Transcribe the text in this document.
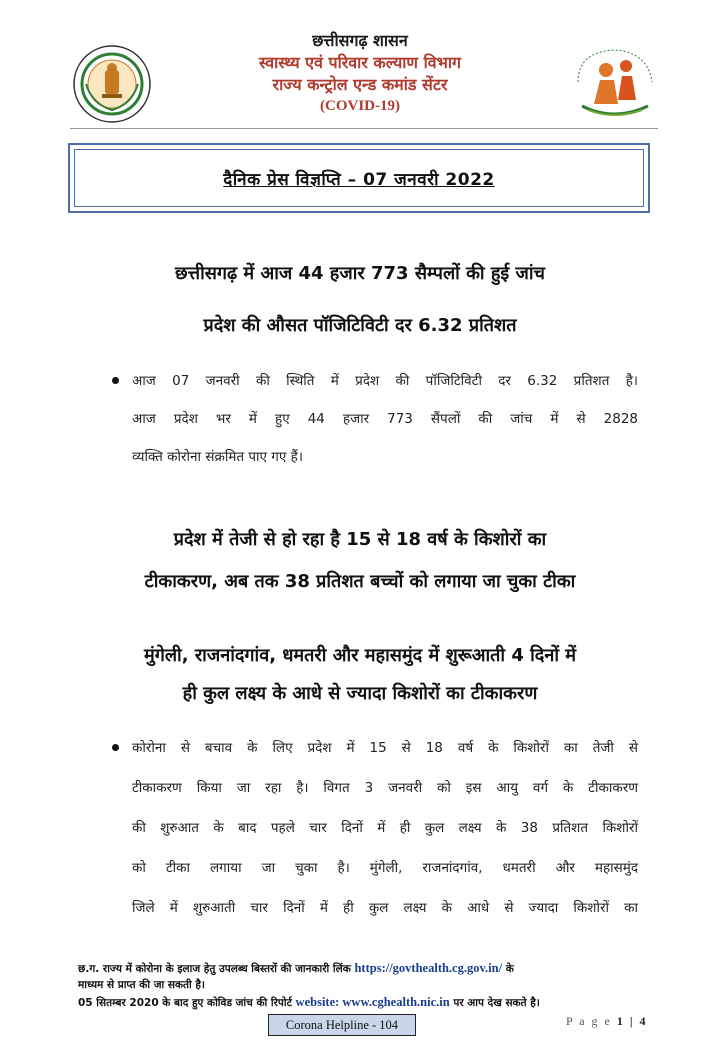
छत्तीसगढ़ शासन
स्वास्थ्य एवं परिवार कल्याण विभाग
राज्य कन्ट्रोल एन्ड कमांड सेंटर
(COVID-19)
दैनिक प्रेस विज्ञप्ति – 07 जनवरी 2022
छत्तीसगढ़ में आज 44 हजार 773 सैम्पलों की हुई जांच
प्रदेश की औसत पॉजिटिविटी दर 6.32 प्रतिशत
आज 07 जनवरी की स्थिति में प्रदेश की पॉजिटिविटी दर 6.32 प्रतिशत है।
आज प्रदेश भर में हुए 44 हजार 773 सैंपलों की जांच में से 2828
व्यक्ति कोरोना संक्रमित पाए गए हैं।
प्रदेश में तेजी से हो रहा है 15 से 18 वर्ष के किशोरों का
टीकाकरण, अब तक 38 प्रतिशत बच्चों को लगाया जा चुका टीका
मुंगेली, राजनांदगांव, धमतरी और महासमुंद में शुरूआती 4 दिनों में
ही कुल लक्ष्य के आधे से ज्यादा किशोरों का टीकाकरण
कोरोना से बचाव के लिए प्रदेश में 15 से 18 वर्ष के किशोरों का तेजी से
टीकाकरण किया जा रहा है। विगत 3 जनवरी को इस आयु वर्ग के टीकाकरण
की शुरुआत के बाद पहले चार दिनों में ही कुल लक्ष्य के 38 प्रतिशत किशोरों
को टीका लगाया जा चुका है। मुंगेली, राजनांदगांव, धमतरी और महासमुंद
जिले में शुरुआती चार दिनों में ही कुल लक्ष्य के आधे से ज्यादा किशोरों का
छ.ग. राज्य में कोरोना के इलाज हेतु उपलब्ध बिस्तरों की जानकारी लिंक https://govthealth.cg.gov.in/ के
माध्यम से प्राप्त की जा सकती है।
05 सितम्बर 2020 के बाद हुए कोविड जांच की रिपोर्ट website: www.cghealth.nic.in पर आप देख सकते है।
Corona Helpline - 104	P a g e 1 | 4
